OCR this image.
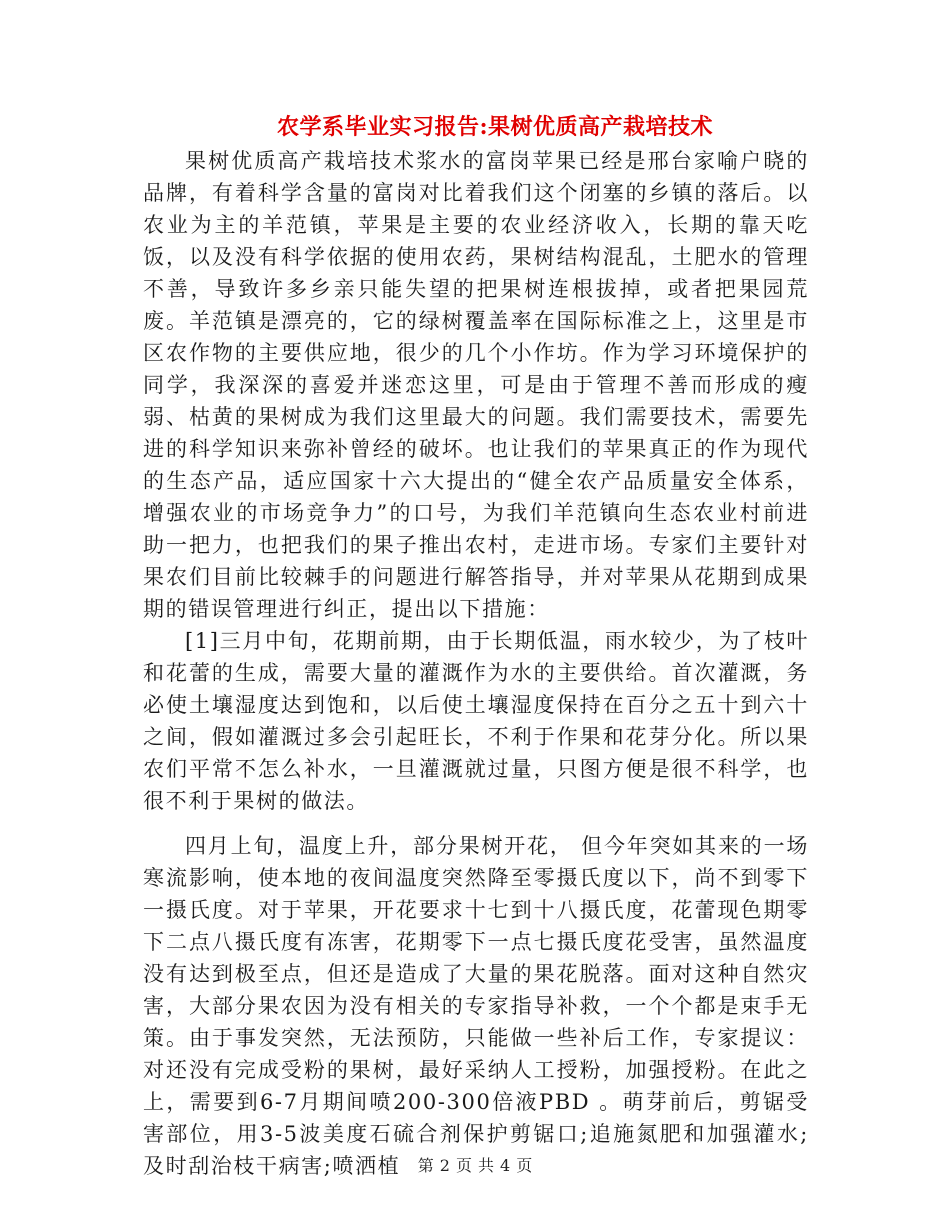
农学系毕业实习报告:果树优质高产栽培技术

果树优质高产栽培技术浆水的富岗苹果已经是邢台家喻户晓的品牌，有着科学含量的富岗对比着我们这个闭塞的乡镇的落后。以农业为主的羊范镇，苹果是主要的农业经济收入，长期的靠天吃饭，以及没有科学依据的使用农药，果树结构混乱，土肥水的管理不善，导致许多乡亲只能失望的把果树连根拔掉，或者把果园荒废。羊范镇是漂亮的，它的绿树覆盖率在国际标准之上，这里是市区农作物的主要供应地，很少的几个小作坊。作为学习环境保护的同学，我深深的喜爱并迷恋这里，可是由于管理不善而形成的瘦弱、枯黄的果树成为我们这里最大的问题。我们需要技术，需要先进的科学知识来弥补曾经的破坏。也让我们的苹果真正的作为现代的生态产品，适应国家十六大提出的“健全农产品质量安全体系，增强农业的市场竞争力”的口号，为我们羊范镇向生态农业村前进助一把力，也把我们的果子推出农村，走进市场。专家们主要针对果农们目前比较棘手的问题进行解答指导，并对苹果从花期到成果期的错误管理进行纠正，提出以下措施：

[1]三月中旬，花期前期，由于长期低温，雨水较少，为了枝叶和花蕾的生成，需要大量的灌溉作为水的主要供给。首次灌溉，务必使土壤湿度达到饱和，以后使土壤湿度保持在百分之五十到六十之间，假如灌溉过多会引起旺长，不利于作果和花芽分化。所以果农们平常不怎么补水，一旦灌溉就过量，只图方便是很不科学，也很不利于果树的做法。

四月上旬，温度上升，部分果树开花， 但今年突如其来的一场寒流影响，使本地的夜间温度突然降至零摄氏度以下，尚不到零下一摄氏度。对于苹果，开花要求十七到十八摄氏度，花蕾现色期零下二点八摄氏度有冻害，花期零下一点七摄氏度花受害，虽然温度没有达到极至点，但还是造成了大量的果花脱落。面对这种自然灾害，大部分果农因为没有相关的专家指导补救，一个个都是束手无策。由于事发突然，无法预防，只能做一些补后工作，专家提议：对还没有完成受粉的果树，最好采纳人工授粉，加强授粉。在此之上，需要到6-7月期间喷200-300倍液PBD 。萌芽前后，剪锯受害部位，用3-5波美度石硫合剂保护剪锯口;追施氮肥和加强灌水;及时刮治枝干病害;喷洒植	第 2 页 共 4 页
